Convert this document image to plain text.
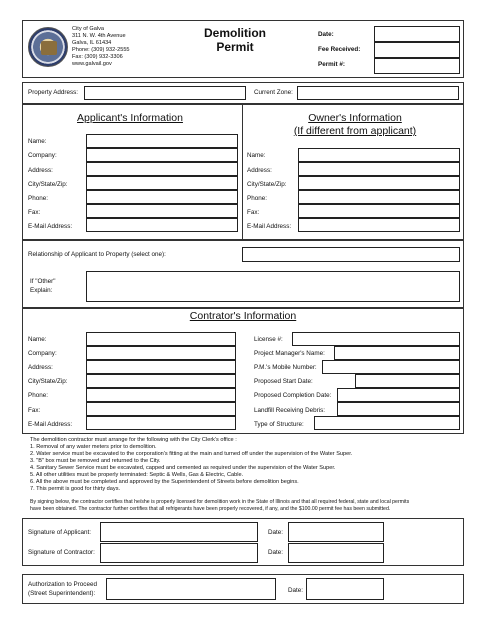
City of Galva
311 N. W. 4th Avenue
Galva, IL 61434
Phone: (309) 932-2555
Fax: (309) 932-3306
www.galvail.gov
Demolition
Permit
Date:
Fee Received:
Permit #:
Property Address:	Current Zone:
Applicant's Information	Owner's Information
(If different from applicant)
Name:
Company:
Address:
City/State/Zip:
Phone:
Fax:
E-Mail Address:
Name:
Address:
City/State/Zip:
Phone:
Fax:
E-Mail Address:
Relationship of Applicant to Property (select one):
If "Other"
Explain:
Contrator's Information
Name:
Company:
Address:
City/State/Zip:
Phone:
Fax:
E-Mail Address:
License #:
Project Manager's Name:
P.M.'s Mobile Number:
Proposed Start Date:
Proposed Completion Date:
Landfill Receiving Debris:
Type of Structure:
The demolition contractor must arrange for the following with the City Clerk's office :
1. Removal of any water meters prior to demolition.
2. Water service must be excavated to the corporation's fitting at the main and turned off under the supervision of the Water Super.
3. "B" box must be removed and returned to the City.
4. Sanitary Sewer Service must be excavated, capped and cemented as required under the supervision of the Water Super.
5. All other utilities must be properly terminated: Septic & Wells, Gas & Electric, Cable.
6. All the above must be completed and approved by the Superintendent of Streets before demolition begins.
7. This permit is good for thirty days.
By signing below, the contractor certifies that he/she is properly licensed for demolition work in the State of Illinois and that all required federal, state and local permits
have been obtained. The contractor further certifies that all refrigerants have been properly recovered, if any, and the $100.00 permit fee has been submitted.
Signature of Applicant:	Date:
Signature of Contractor:	Date:
Authorization to Proceed
(Street Superintendent):	Date:
